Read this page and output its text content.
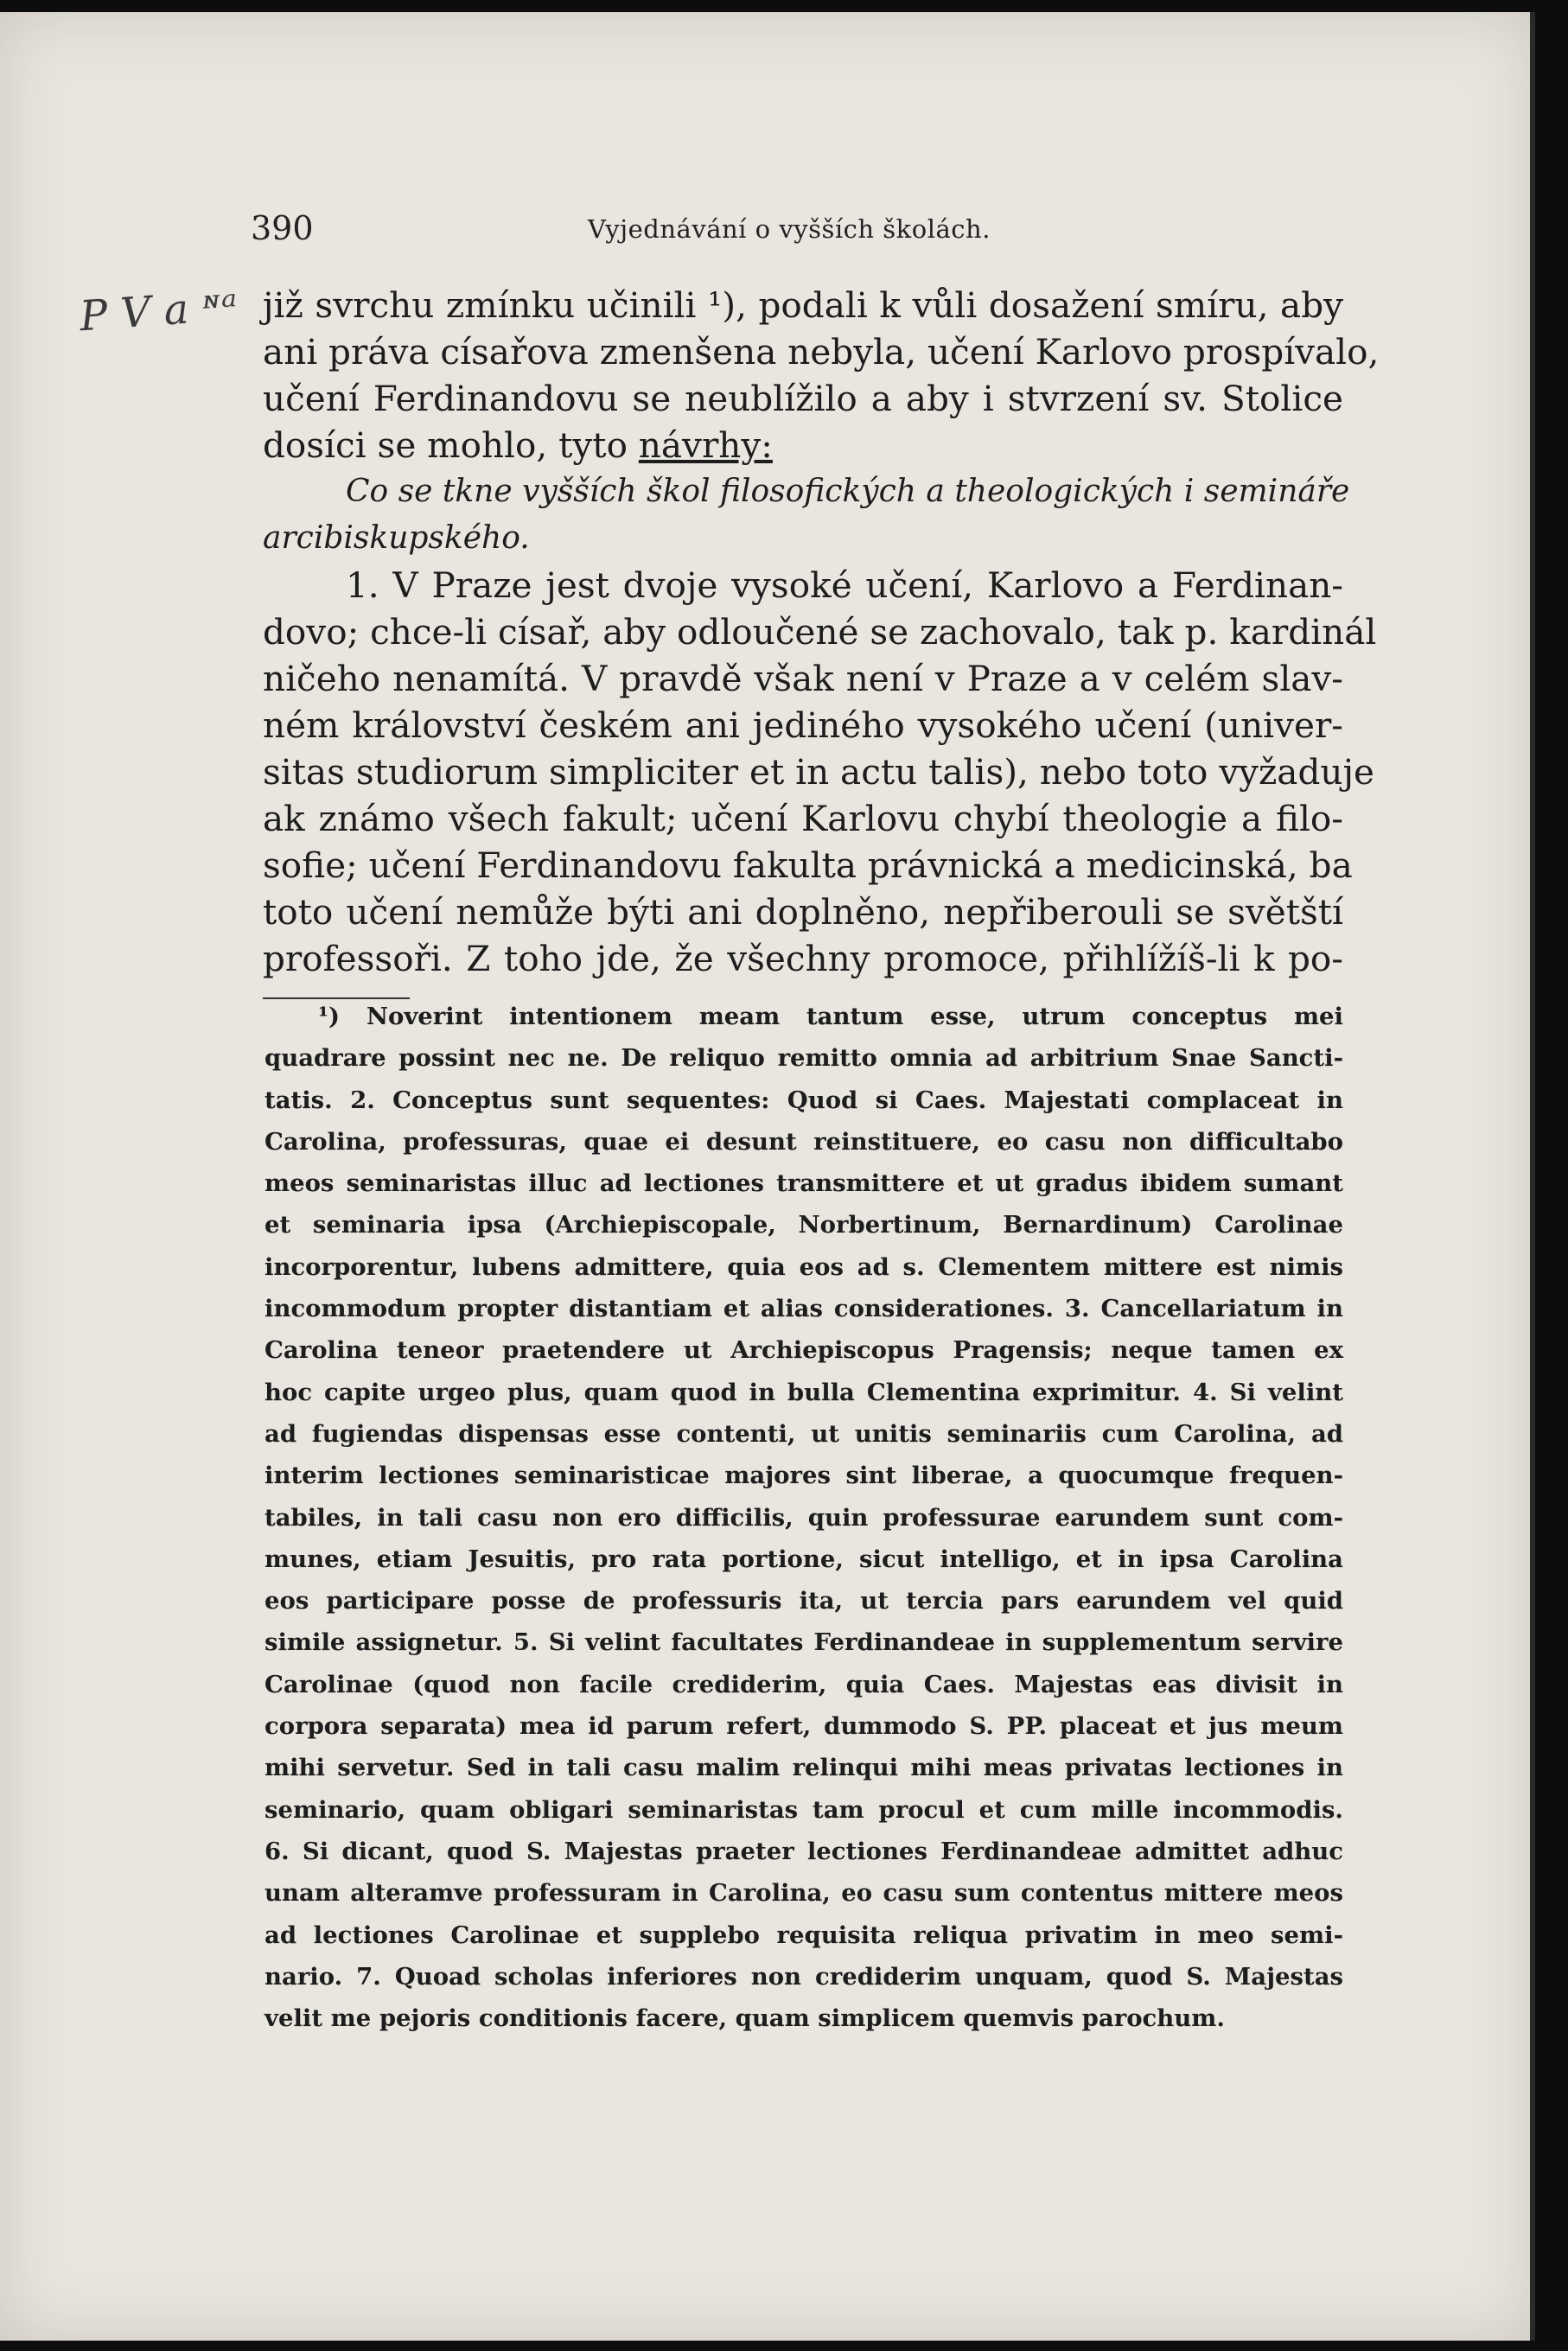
390	Vyjednávání o vyšších školách.
P V a ᶰᵃ již svrchu zmínku učinili ¹), podali k vůli dosažení smíru, aby
ani práva císařova zmenšena nebyla, učení Karlovo prospívalo,
učení Ferdinandovu se neublížilo a aby i stvrzení sv. Stolice
dosíci se mohlo, tyto návrhy:
Co se tkne vyšších škol filosofických a theologických i semináře
arcibiskupského.
1. V Praze jest dvoje vysoké učení, Karlovo a Ferdinan-
dovo; chce-li císař, aby odloučené se zachovalo, tak p. kardinál
ničeho nenamítá. V pravdě však není v Praze a v celém slav-
ném království českém ani jediného vysokého učení (univer-
sitas studiorum simpliciter et in actu talis), nebo toto vyžaduje
ak známo všech fakult; učení Karlovu chybí theologie a filo-
sofie; učení Ferdinandovu fakulta právnická a medicinská, ba
toto učení nemůže býti ani doplněno, nepřiberouli se světští
professoři. Z toho jde, že všechny promoce, přihlížíš-li k po-
¹) Noverint intentionem meam tantum esse, utrum conceptus mei
quadrare possint nec ne. De reliquo remitto omnia ad arbitrium Snae Sancti-
tatis. 2. Conceptus sunt sequentes: Quod si Caes. Majestati complaceat in
Carolina, professuras, quae ei desunt reinstituere, eo casu non difficultabo
meos seminaristas illuc ad lectiones transmittere et ut gradus ibidem sumant
et seminaria ipsa (Archiepiscopale, Norbertinum, Bernardinum) Carolinae
incorporentur, lubens admittere, quia eos ad s. Clementem mittere est nimis
incommodum propter distantiam et alias considerationes. 3. Cancellariatum in
Carolina teneor praetendere ut Archiepiscopus Pragensis; neque tamen ex
hoc capite urgeo plus, quam quod in bulla Clementina exprimitur. 4. Si velint
ad fugiendas dispensas esse contenti, ut unitis seminariis cum Carolina, ad
interim lectiones seminaristicae majores sint liberae, a quocumque frequen-
tabiles, in tali casu non ero difficilis, quin professurae earundem sunt com-
munes, etiam Jesuitis, pro rata portione, sicut intelligo, et in ipsa Carolina
eos participare posse de professuris ita, ut tercia pars earundem vel quid
simile assignetur. 5. Si velint facultates Ferdinandeae in supplementum servire
Carolinae (quod non facile crediderim, quia Caes. Majestas eas divisit in
corpora separata) mea id parum refert, dummodo S. PP. placeat et jus meum
mihi servetur. Sed in tali casu malim relinqui mihi meas privatas lectiones in
seminario, quam obligari seminaristas tam procul et cum mille incommodis.
6. Si dicant, quod S. Majestas praeter lectiones Ferdinandeae admittet adhuc
unam alteramve professuram in Carolina, eo casu sum contentus mittere meos
ad lectiones Carolinae et supplebo requisita reliqua privatim in meo semi-
nario. 7. Quoad scholas inferiores non crediderim unquam, quod S. Majestas
velit me pejoris conditionis facere, quam simplicem quemvis parochum.
